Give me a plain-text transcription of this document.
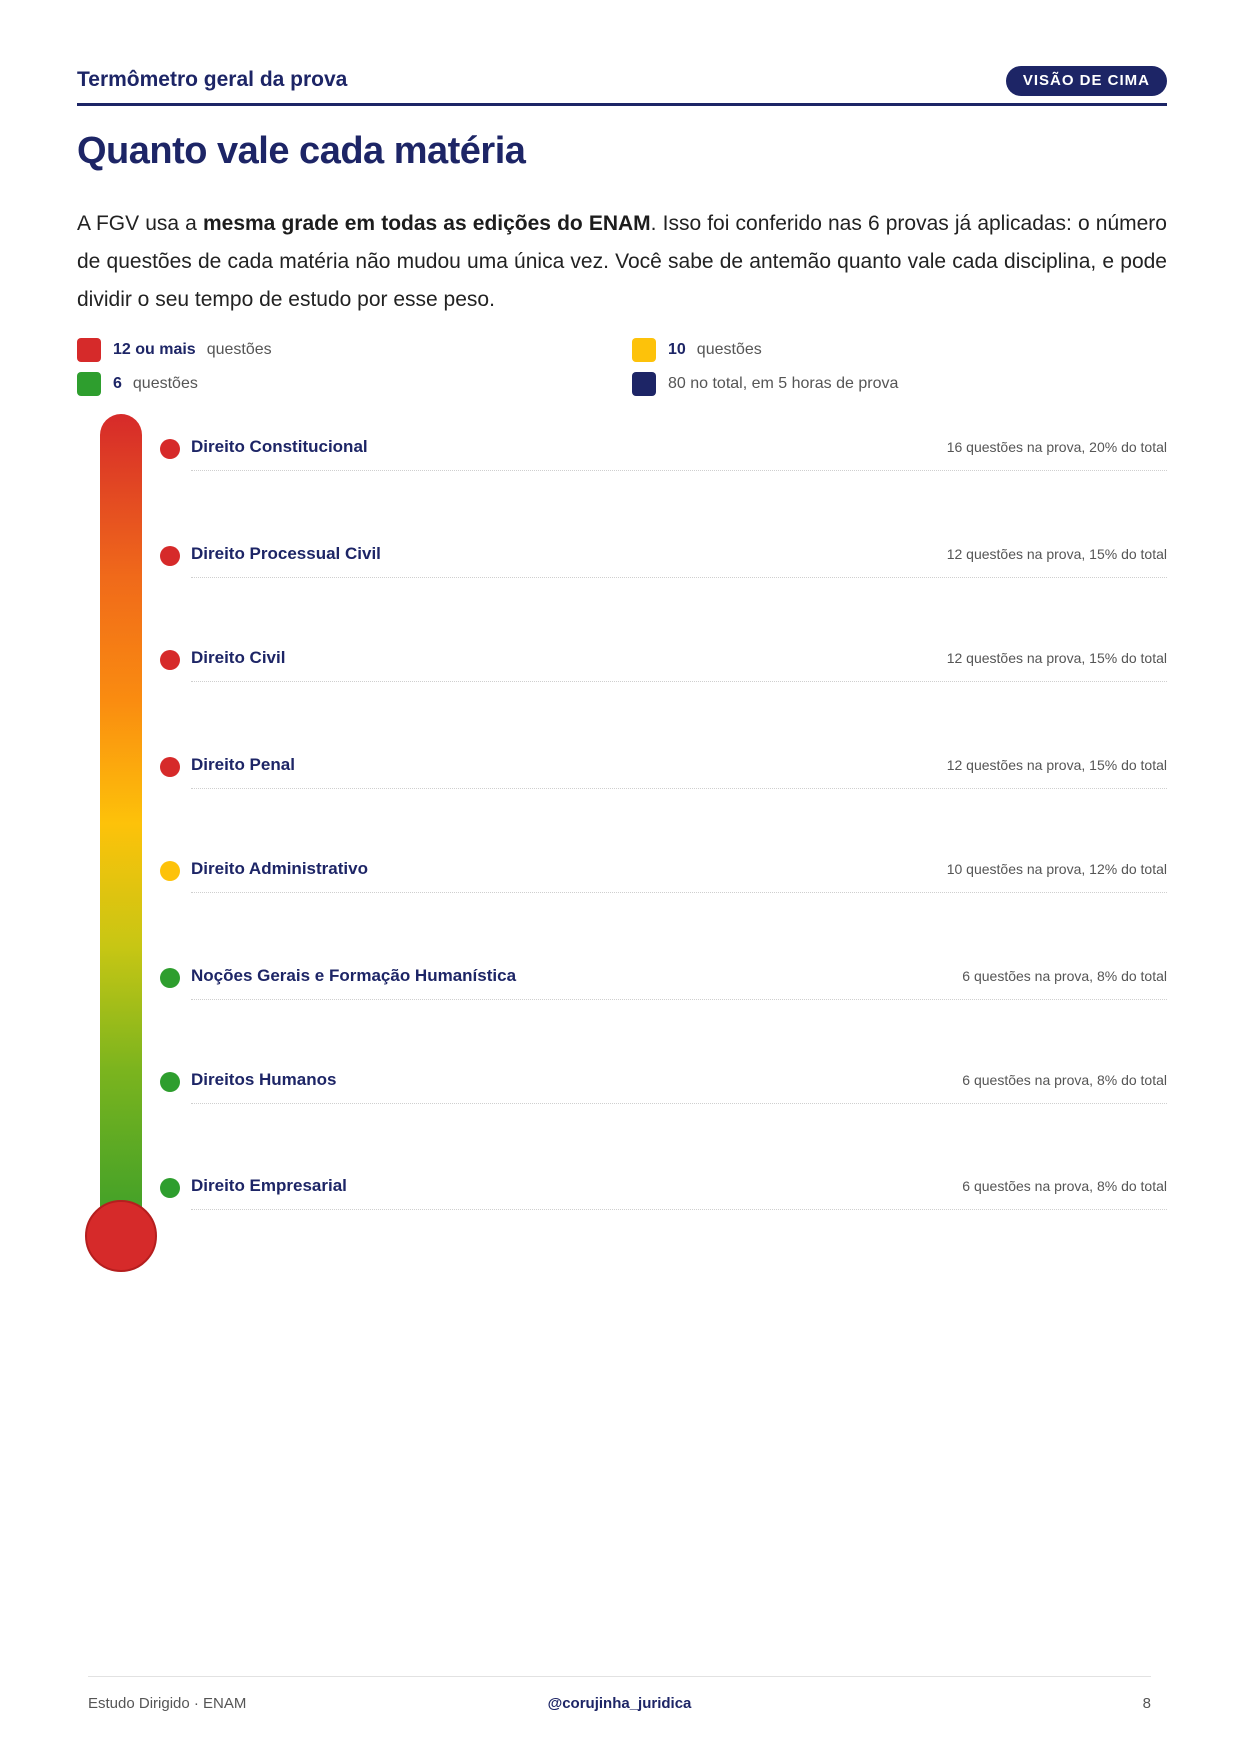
Termômetro geral da prova	VISÃO DE CIMA
Quanto vale cada matéria

A FGV usa a mesma grade em todas as edições do ENAM. Isso foi conferido nas 6 provas já aplicadas: o número de questões de cada matéria não mudou uma única vez. Você sabe de antemão quanto vale cada disciplina, e pode dividir o seu tempo de estudo por esse peso.

12 ou mais questões	10 questões
6 questões	80 no total, em 5 horas de prova
Direito Constitucional	16 questões na prova, 20% do total
Direito Processual Civil	12 questões na prova, 15% do total
Direito Civil	12 questões na prova, 15% do total
Direito Penal	12 questões na prova, 15% do total
Direito Administrativo	10 questões na prova, 12% do total
Noções Gerais e Formação Humanística	6 questões na prova, 8% do total
Direitos Humanos	6 questões na prova, 8% do total
Direito Empresarial	6 questões na prova, 8% do total
Estudo Dirigido · ENAM	@corujinha_juridica	8
